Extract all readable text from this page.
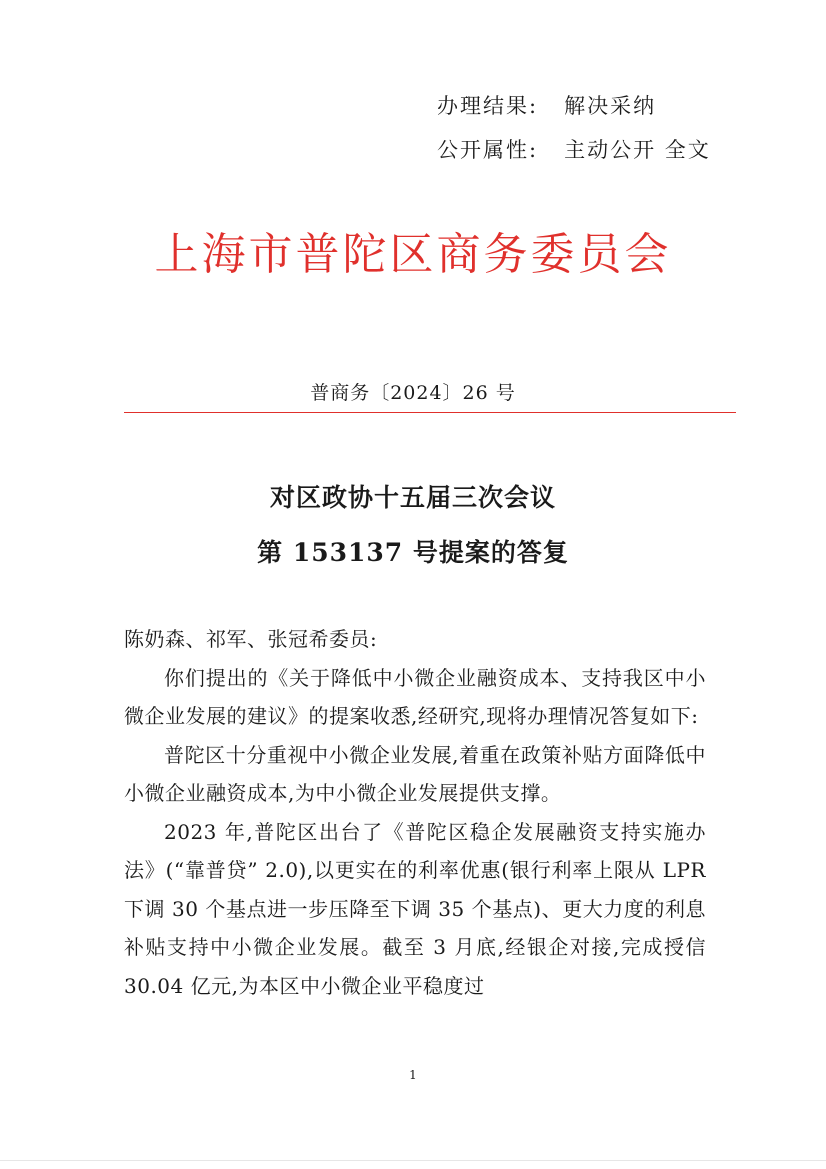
办理结果: 解决采纳
公开属性: 主动公开 全文
上海市普陀区商务委员会
普商务〔2024〕26 号
对区政协十五届三次会议
第 153137 号提案的答复

陈奶森、祁军、张冠希委员:

你们提出的《关于降低中小微企业融资成本、支持我区中小微企业发展的建议》的提案收悉,经研究,现将办理情况答复如下:

普陀区十分重视中小微企业发展,着重在政策补贴方面降低中小微企业融资成本,为中小微企业发展提供支撑。

2023 年,普陀区出台了《普陀区稳企发展融资支持实施办法》(“靠普贷” 2.0),以更实在的利率优惠(银行利率上限从 LPR 下调 30 个基点进一步压降至下调 35 个基点)、更大力度的利息补贴支持中小微企业发展。截至 3 月底,经银企对接,完成授信 30.04 亿元,为本区中小微企业平稳度过

1
